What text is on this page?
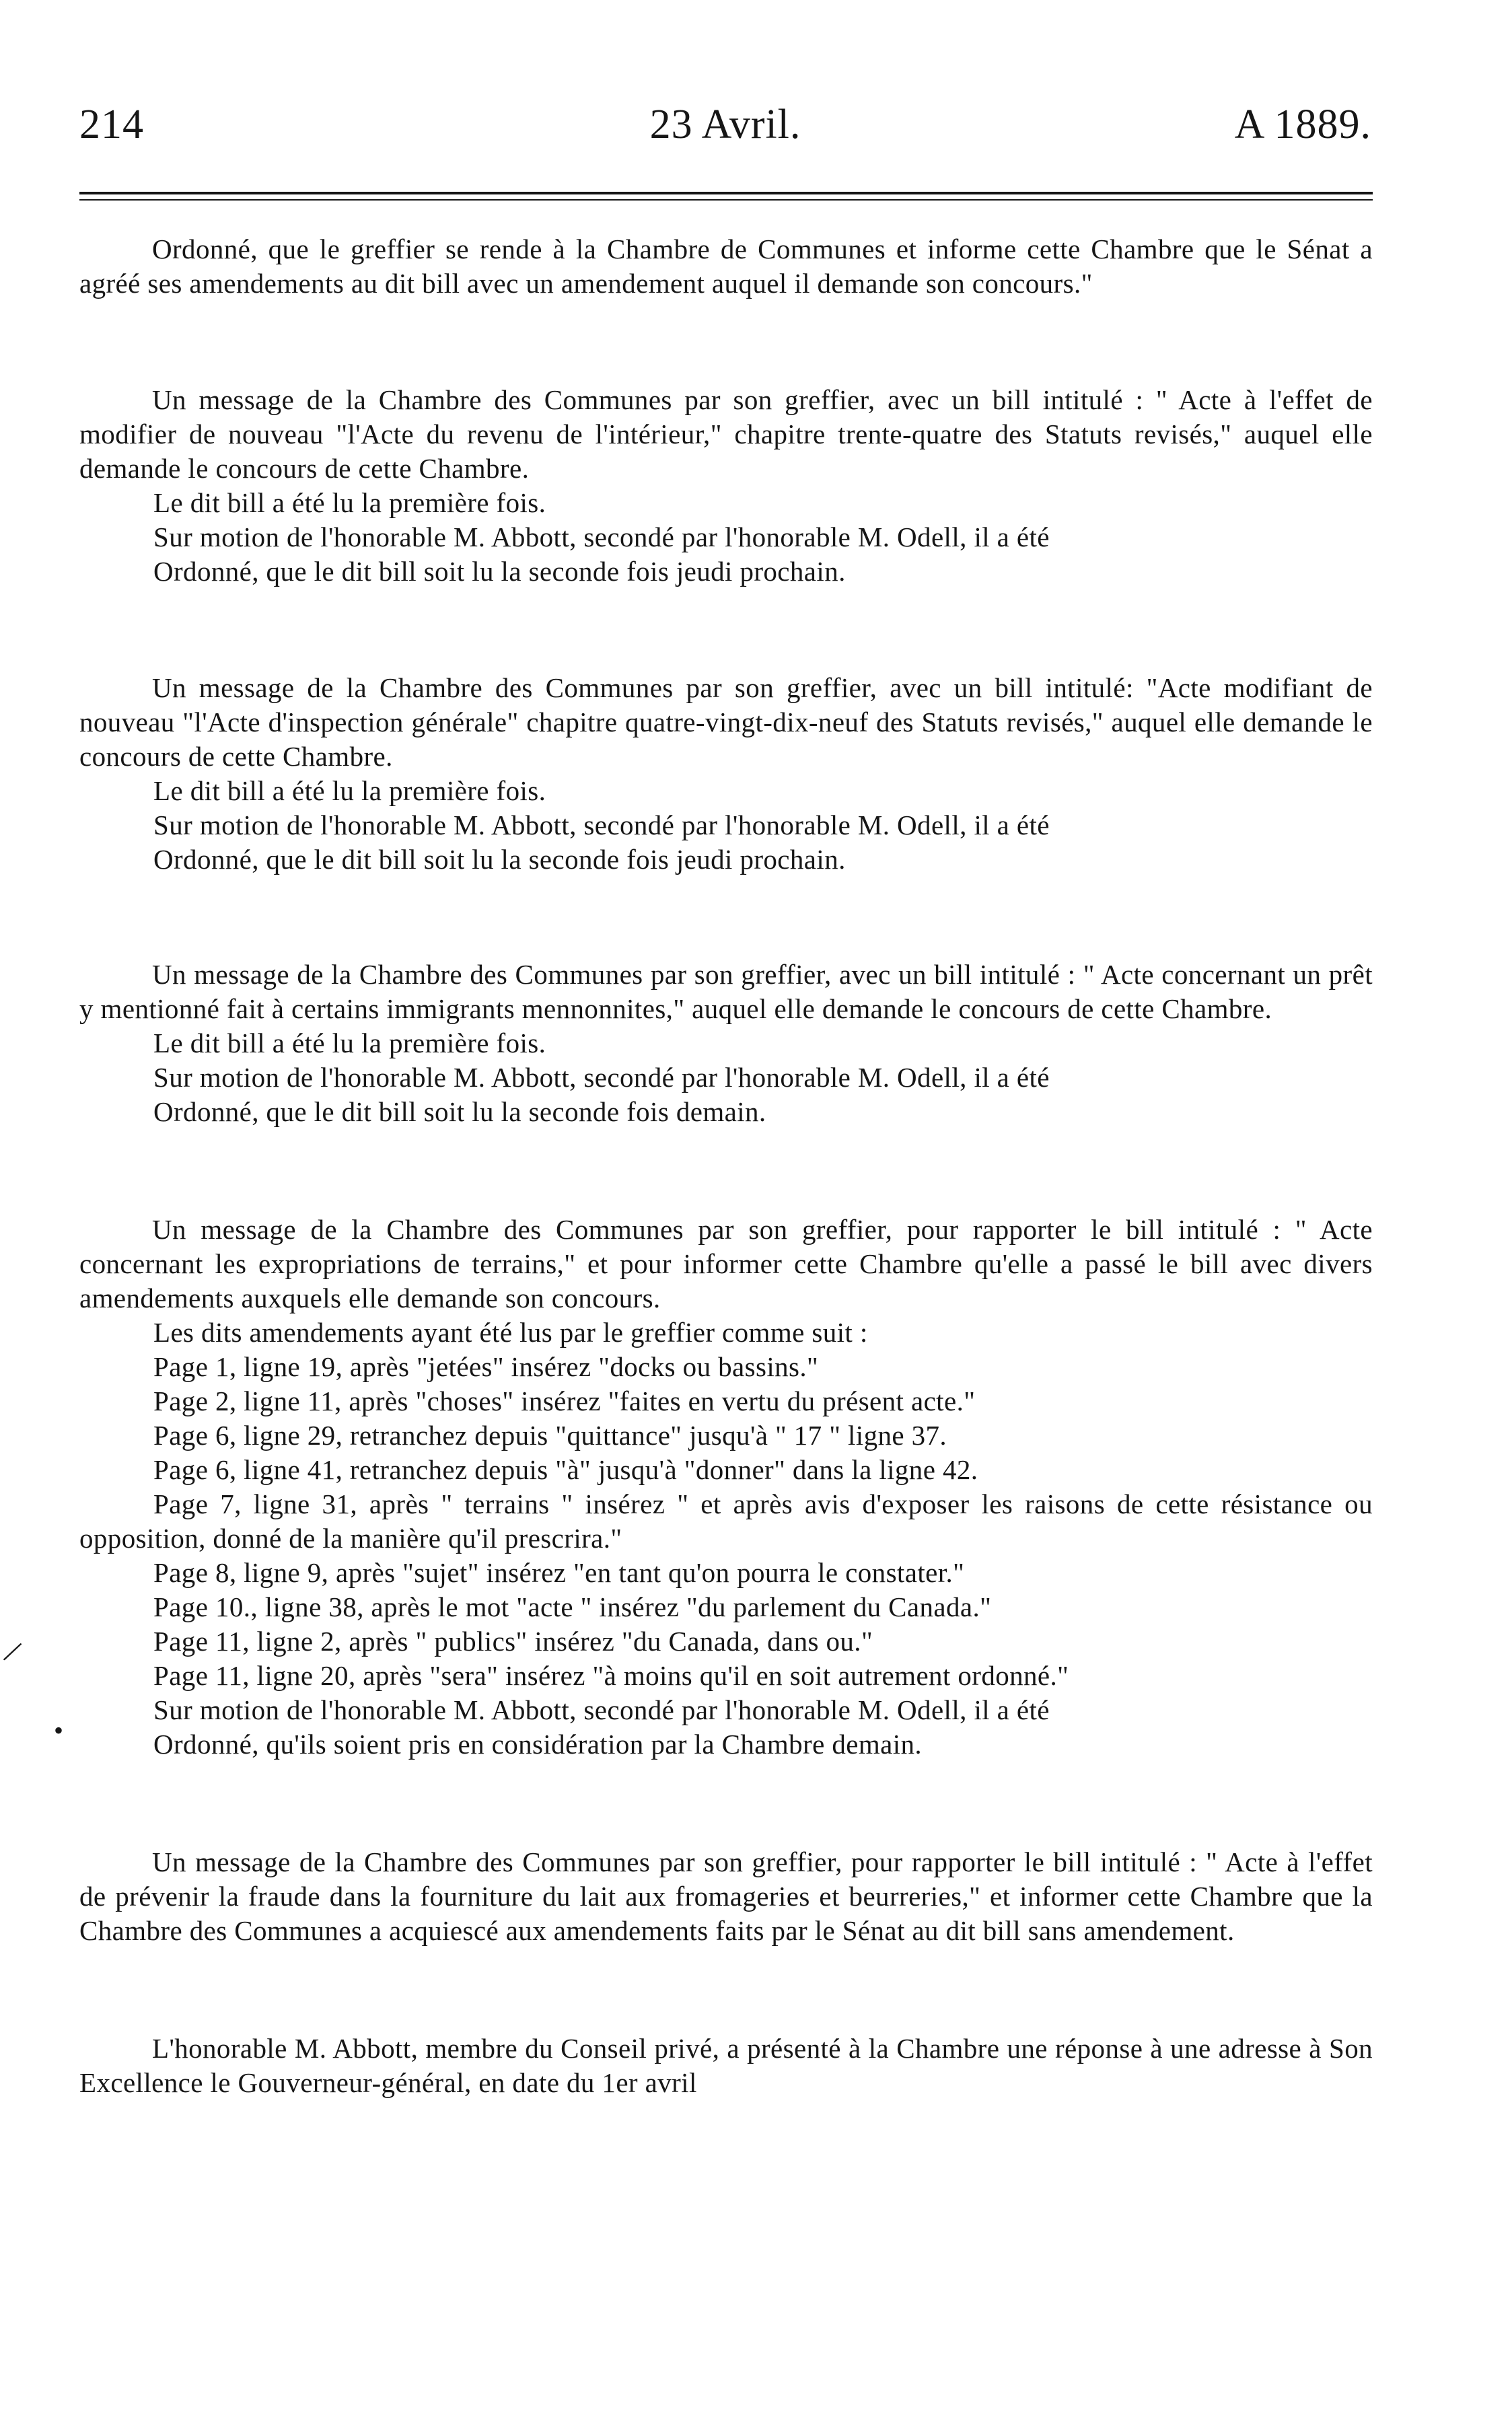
214	23 Avril.	A 1889.
/
•

Ordonné, que le greffier se rende à la Chambre de Communes et informe cette Chambre que le Sénat a agréé ses amendements au dit bill avec un amendement auquel il demande son concours."

Un message de la Chambre des Communes par son greffier, avec un bill intitulé : " Acte à l'effet de modifier de nouveau "l'Acte du revenu de l'intérieur," chapitre trente-quatre des Statuts revisés," auquel elle demande le concours de cette Chambre.

Le dit bill a été lu la première fois.

Sur motion de l'honorable M. Abbott, secondé par l'honorable M. Odell, il a été

Ordonné, que le dit bill soit lu la seconde fois jeudi prochain.

Un message de la Chambre des Communes par son greffier, avec un bill intitulé: "Acte modifiant de nouveau "l'Acte d'inspection générale" chapitre quatre-vingt-dix-neuf des Statuts revisés," auquel elle demande le concours de cette Chambre.

Le dit bill a été lu la première fois.

Sur motion de l'honorable M. Abbott, secondé par l'honorable M. Odell, il a été

Ordonné, que le dit bill soit lu la seconde fois jeudi prochain.

Un message de la Chambre des Communes par son greffier, avec un bill intitulé : " Acte concernant un prêt y mentionné fait à certains immigrants mennonnites," auquel elle demande le concours de cette Chambre.

Le dit bill a été lu la première fois.

Sur motion de l'honorable M. Abbott, secondé par l'honorable M. Odell, il a été

Ordonné, que le dit bill soit lu la seconde fois demain.

Un message de la Chambre des Communes par son greffier, pour rapporter le bill intitulé : " Acte concernant les expropriations de terrains," et pour informer cette Chambre qu'elle a passé le bill avec divers amendements auxquels elle demande son concours.

Les dits amendements ayant été lus par le greffier comme suit :

Page 1, ligne 19, après "jetées" insérez "docks ou bassins."

Page 2, ligne 11, après "choses" insérez "faites en vertu du présent acte."

Page 6, ligne 29, retranchez depuis "quittance" jusqu'à " 17 " ligne 37.

Page 6, ligne 41, retranchez depuis "à" jusqu'à "donner" dans la ligne 42.

Page 7, ligne 31, après " terrains " insérez " et après avis d'exposer les raisons de cette résistance ou opposition, donné de la manière qu'il prescrira."

Page 8, ligne 9, après "sujet" insérez "en tant qu'on pourra le constater."

Page 10., ligne 38, après le mot "acte " insérez "du parlement du Canada."

Page 11, ligne 2, après " publics" insérez "du Canada, dans ou."

Page 11, ligne 20, après "sera" insérez "à moins qu'il en soit autrement ordonné."

Sur motion de l'honorable M. Abbott, secondé par l'honorable M. Odell, il a été

Ordonné, qu'ils soient pris en considération par la Chambre demain.

Un message de la Chambre des Communes par son greffier, pour rapporter le bill intitulé : " Acte à l'effet de prévenir la fraude dans la fourniture du lait aux fromageries et beurreries," et informer cette Chambre que la Chambre des Communes a acquiescé aux amendements faits par le Sénat au dit bill sans amendement.

L'honorable M. Abbott, membre du Conseil privé, a présenté à la Chambre une réponse à une adresse à Son Excellence le Gouverneur-général, en date du 1er avril
